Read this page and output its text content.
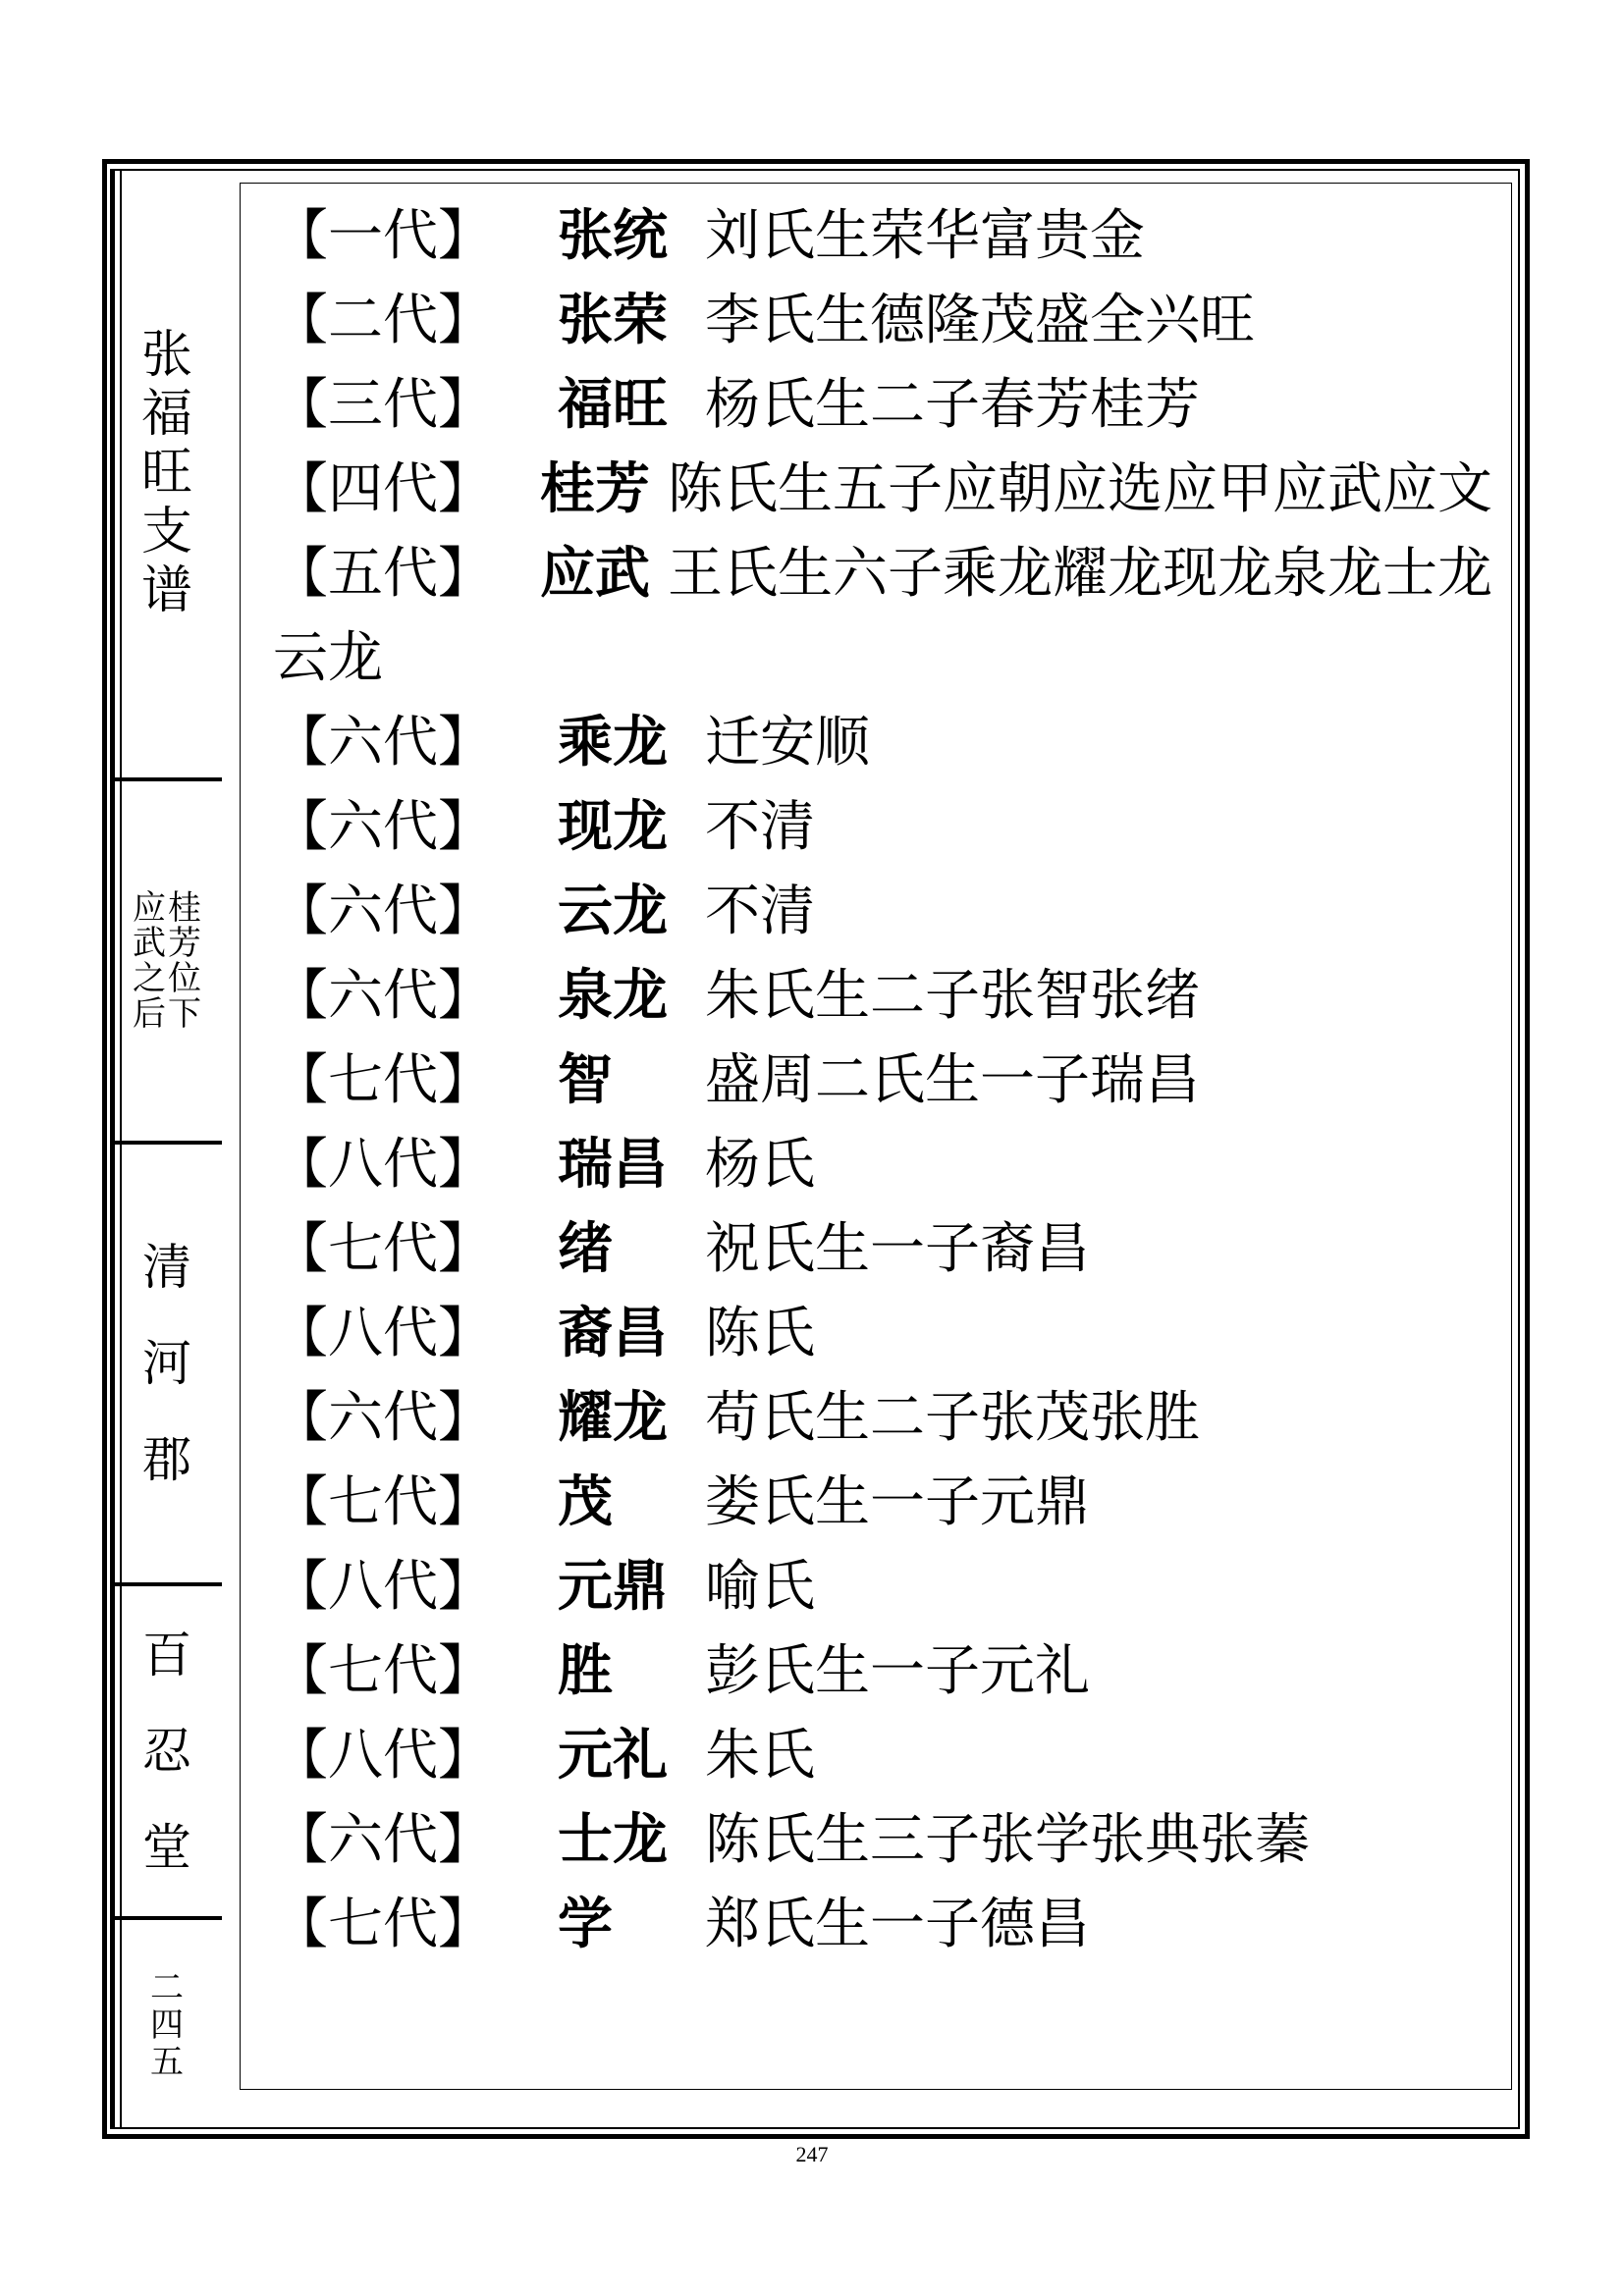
张
福
旺
支
谱
桂
芳
位
下
应
武
之
后
清
河
郡
百
忍
堂
二
四
五
【一代】 张统 刘氏生荣华富贵金
【二代】 张荣 李氏生德隆茂盛全兴旺
【三代】 福旺 杨氏生二子春芳桂芳
【四代】 桂芳 陈氏生五子应朝应选应甲应武应文
【五代】 应武 王氏生六子乘龙耀龙现龙泉龙士龙云龙
【六代】 乘龙 迁安顺
【六代】 现龙 不清
【六代】 云龙 不清
【六代】 泉龙 朱氏生二子张智张绪
【七代】 智 盛周二氏生一子瑞昌
【八代】 瑞昌 杨氏
【七代】 绪 祝氏生一子裔昌
【八代】 裔昌 陈氏
【六代】 耀龙 苟氏生二子张茂张胜
【七代】 茂 娄氏生一子元鼎
【八代】 元鼎 喻氏
【七代】 胜 彭氏生一子元礼
【八代】 元礼 朱氏
【六代】 士龙 陈氏生三子张学张典张蓁
【七代】 学 郑氏生一子德昌
247
